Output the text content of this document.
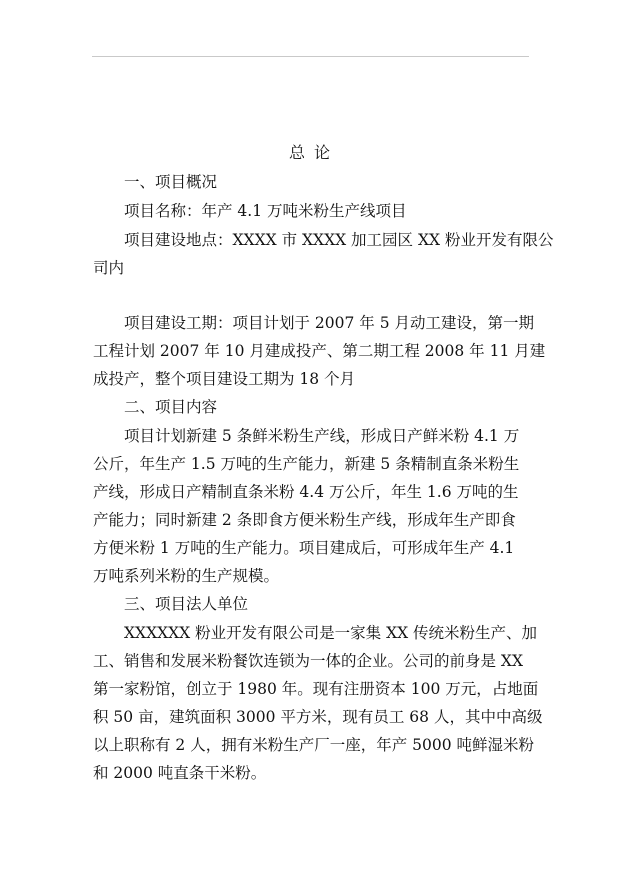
总 论
一、项目概况
项目名称：年产 4.1 万吨米粉生产线项目
项目建设地点：XXXX 市 XXXX 加工园区 XX 粉业开发有限公
司内
项目建设工期：项目计划于 2007 年 5 月动工建设，第一期
工程计划 2007 年 10 月建成投产、第二期工程 2008 年 11 月建
成投产，整个项目建设工期为 18 个月
二、项目内容
项目计划新建 5 条鲜米粉生产线，形成日产鲜米粉 4.1 万
公斤，年生产 1.5 万吨的生产能力，新建 5 条精制直条米粉生
产线，形成日产精制直条米粉 4.4 万公斤，年生 1.6 万吨的生
产能力；同时新建 2 条即食方便米粉生产线，形成年生产即食
方便米粉 1 万吨的生产能力。项目建成后，可形成年生产 4.1
万吨系列米粉的生产规模。
三、项目法人单位
XXXXXX 粉业开发有限公司是一家集 XX 传统米粉生产、加
工、销售和发展米粉餐饮连锁为一体的企业。公司的前身是 XX
第一家粉馆，创立于 1980 年。现有注册资本 100 万元，占地面
积 50 亩，建筑面积 3000 平方米，现有员工 68 人，其中中高级
以上职称有 2 人，拥有米粉生产厂一座，年产 5000 吨鲜湿米粉
和 2000 吨直条干米粉。
